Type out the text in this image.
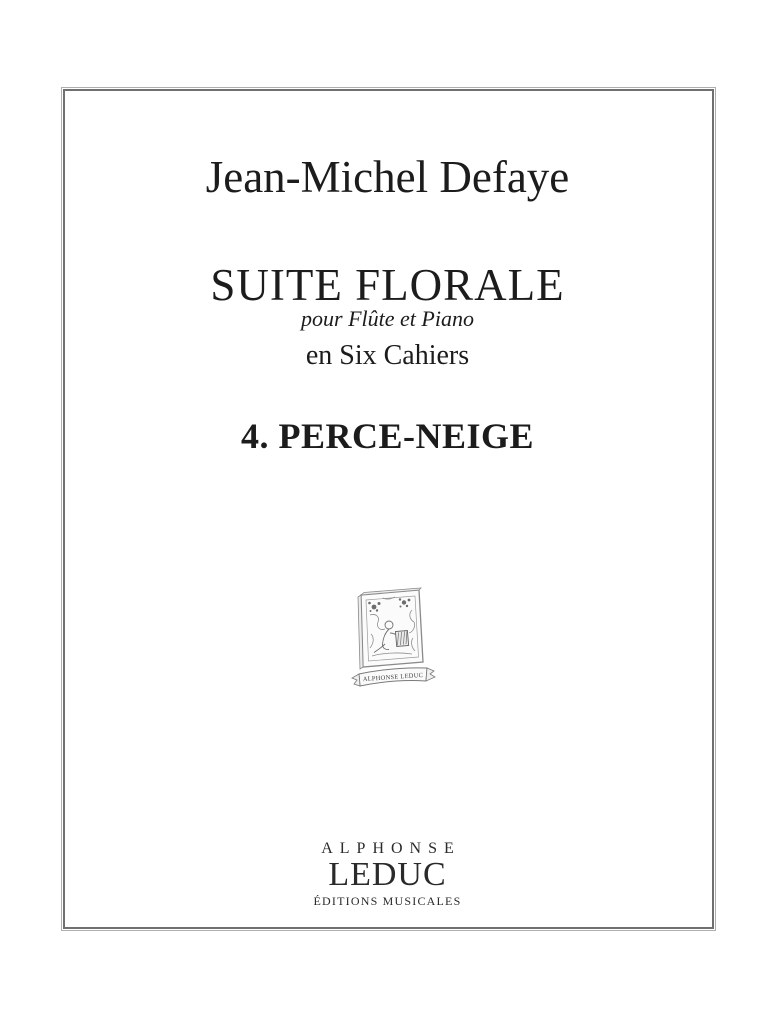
Jean-Michel Defaye
SUITE FLORALE
pour Flûte et Piano
en Six Cahiers
4. PERCE-NEIGE
ALPHONSE LEDUC
ALPHONSE
LEDUC
ÉDITIONS MUSICALES
